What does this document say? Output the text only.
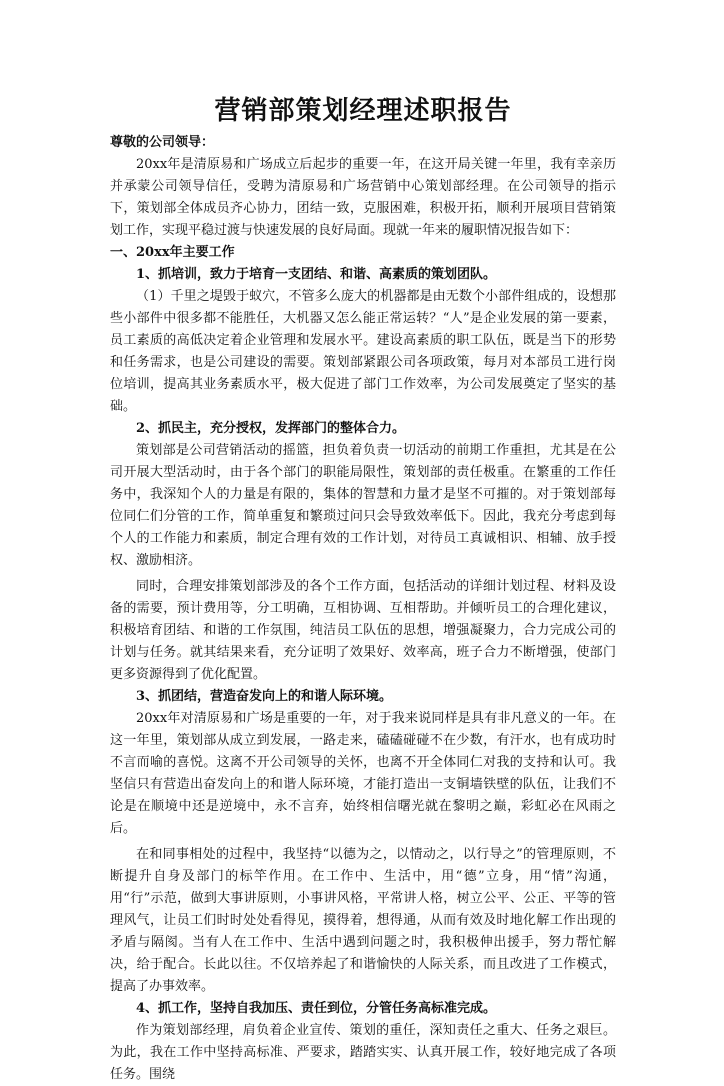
营销部策划经理述职报告

尊敬的公司领导：

20xx年是清原易和广场成立后起步的重要一年，在这开局关键一年里，我有幸亲历并承蒙公司领导信任，受聘为清原易和广场营销中心策划部经理。在公司领导的指示下，策划部全体成员齐心协力，团结一致，克服困难，积极开拓，顺利开展项目营销策划工作，实现平稳过渡与快速发展的良好局面。现就一年来的履职情况报告如下：

一、20xx年主要工作

1、抓培训，致力于培育一支团结、和谐、高素质的策划团队。

（1）千里之堤毁于蚁穴，不管多么庞大的机器都是由无数个小部件组成的，设想那些小部件中很多都不能胜任，大机器又怎么能正常运转？“人”是企业发展的第一要素，员工素质的高低决定着企业管理和发展水平。建设高素质的职工队伍，既是当下的形势和任务需求，也是公司建设的需要。策划部紧跟公司各项政策，每月对本部员工进行岗位培训，提高其业务素质水平，极大促进了部门工作效率，为公司发展奠定了坚实的基础。

2、抓民主，充分授权，发挥部门的整体合力。

策划部是公司营销活动的摇篮，担负着负责一切活动的前期工作重担，尤其是在公司开展大型活动时，由于各个部门的职能局限性，策划部的责任极重。在繁重的工作任务中，我深知个人的力量是有限的，集体的智慧和力量才是坚不可摧的。对于策划部每位同仁们分管的工作，简单重复和繁琐过问只会导致效率低下。因此，我充分考虑到每个人的工作能力和素质，制定合理有效的工作计划，对待员工真诚相识、相辅、放手授权、激励相济。

同时，合理安排策划部涉及的各个工作方面，包括活动的详细计划过程、材料及设备的需要，预计费用等，分工明确，互相协调、互相帮助。并倾听员工的合理化建议，积极培育团结、和谐的工作氛围，纯洁员工队伍的思想，增强凝聚力，合力完成公司的计划与任务。就其结果来看，充分证明了效果好、效率高，班子合力不断增强，使部门更多资源得到了优化配置。

3、抓团结，营造奋发向上的和谐人际环境。

20xx年对清原易和广场是重要的一年，对于我来说同样是具有非凡意义的一年。在这一年里，策划部从成立到发展，一路走来，磕磕碰碰不在少数，有汗水，也有成功时不言而喻的喜悦。这离不开公司领导的关怀，也离不开全体同仁对我的支持和认可。我坚信只有营造出奋发向上的和谐人际环境，才能打造出一支铜墙铁壁的队伍，让我们不论是在顺境中还是逆境中，永不言弃，始终相信曙光就在黎明之巅，彩虹必在风雨之后。

在和同事相处的过程中，我坚持“以德为之，以情动之，以行导之”的管理原则，不断提升自身及部门的标竿作用。在工作中、生活中，用“德”立身，用“情”沟通，用“行”示范，做到大事讲原则，小事讲风格，平常讲人格，树立公平、公正、平等的管理风气，让员工们时时处处看得见，摸得着，想得通，从而有效及时地化解工作出现的矛盾与隔阂。当有人在工作中、生活中遇到问题之时，我积极伸出援手，努力帮忙解决，给于配合。长此以往。不仅培养起了和谐愉快的人际关系，而且改进了工作模式，提高了办事效率。

4、抓工作，坚持自我加压、责任到位，分管任务高标准完成。

作为策划部经理，肩负着企业宣传、策划的重任，深知责任之重大、任务之艰巨。为此，我在工作中坚持高标准、严要求，踏踏实实、认真开展工作，较好地完成了各项任务。围绕
